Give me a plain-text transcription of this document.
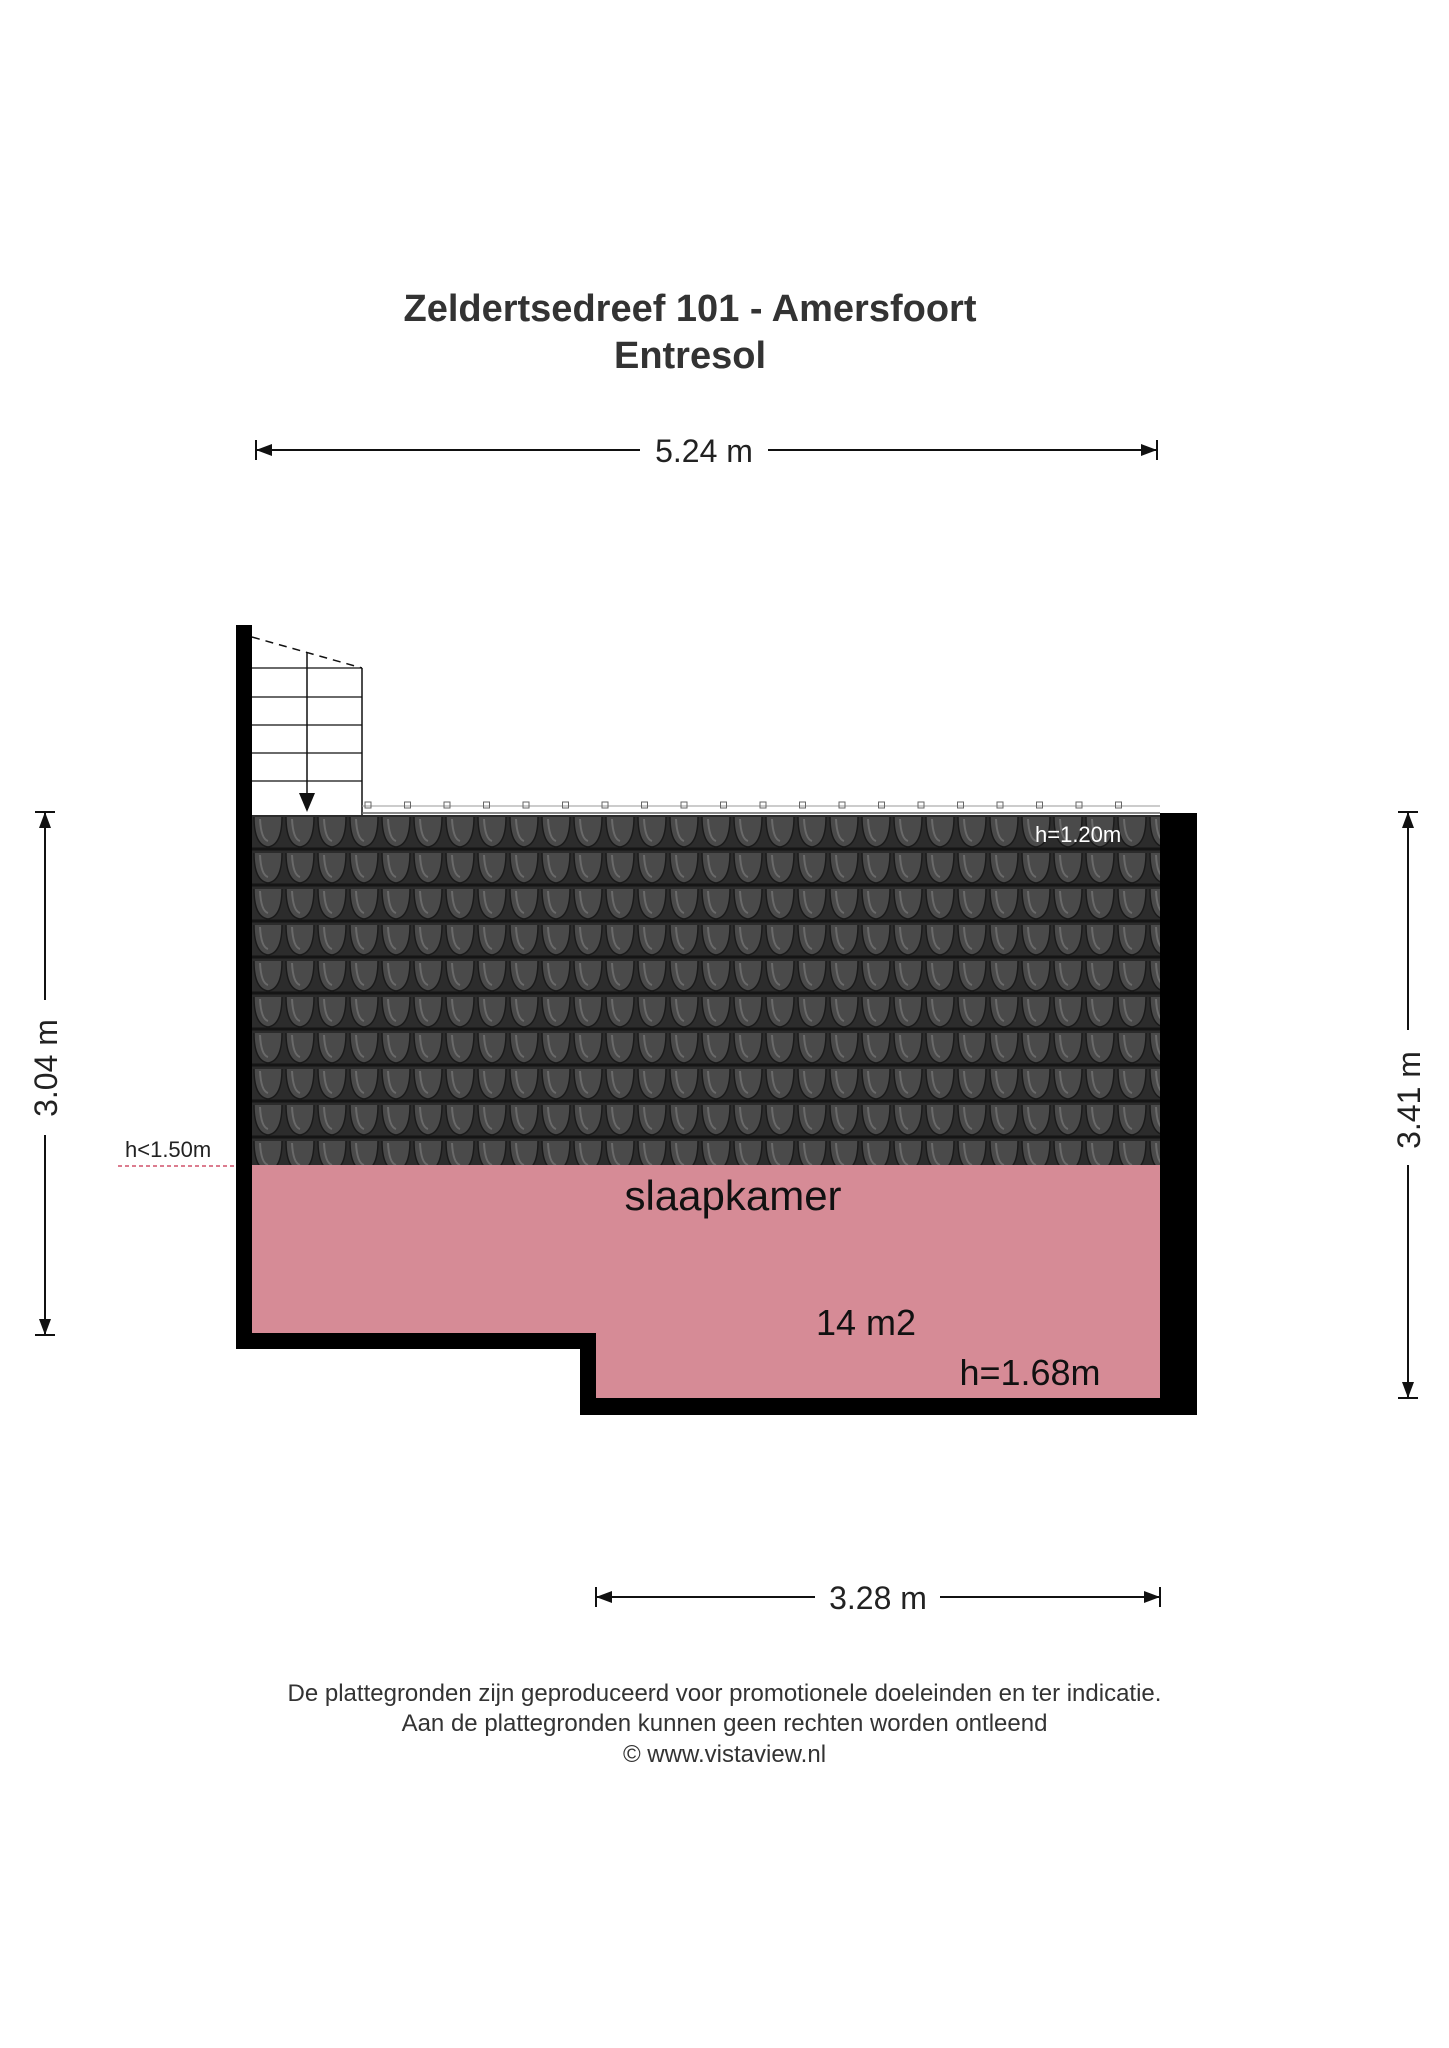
Zeldertsedreef 101 - Amersfoort
Entresol
5.24 m
3.04 m	3.41 m
3.28 m
h<1.50m
h=1.20m
slaapkamer
14 m2
h=1.68m
De plattegronden zijn geproduceerd voor promotionele doeleinden en ter indicatie.
Aan de plattegronden kunnen geen rechten worden ontleend
© www.vistaview.nl
